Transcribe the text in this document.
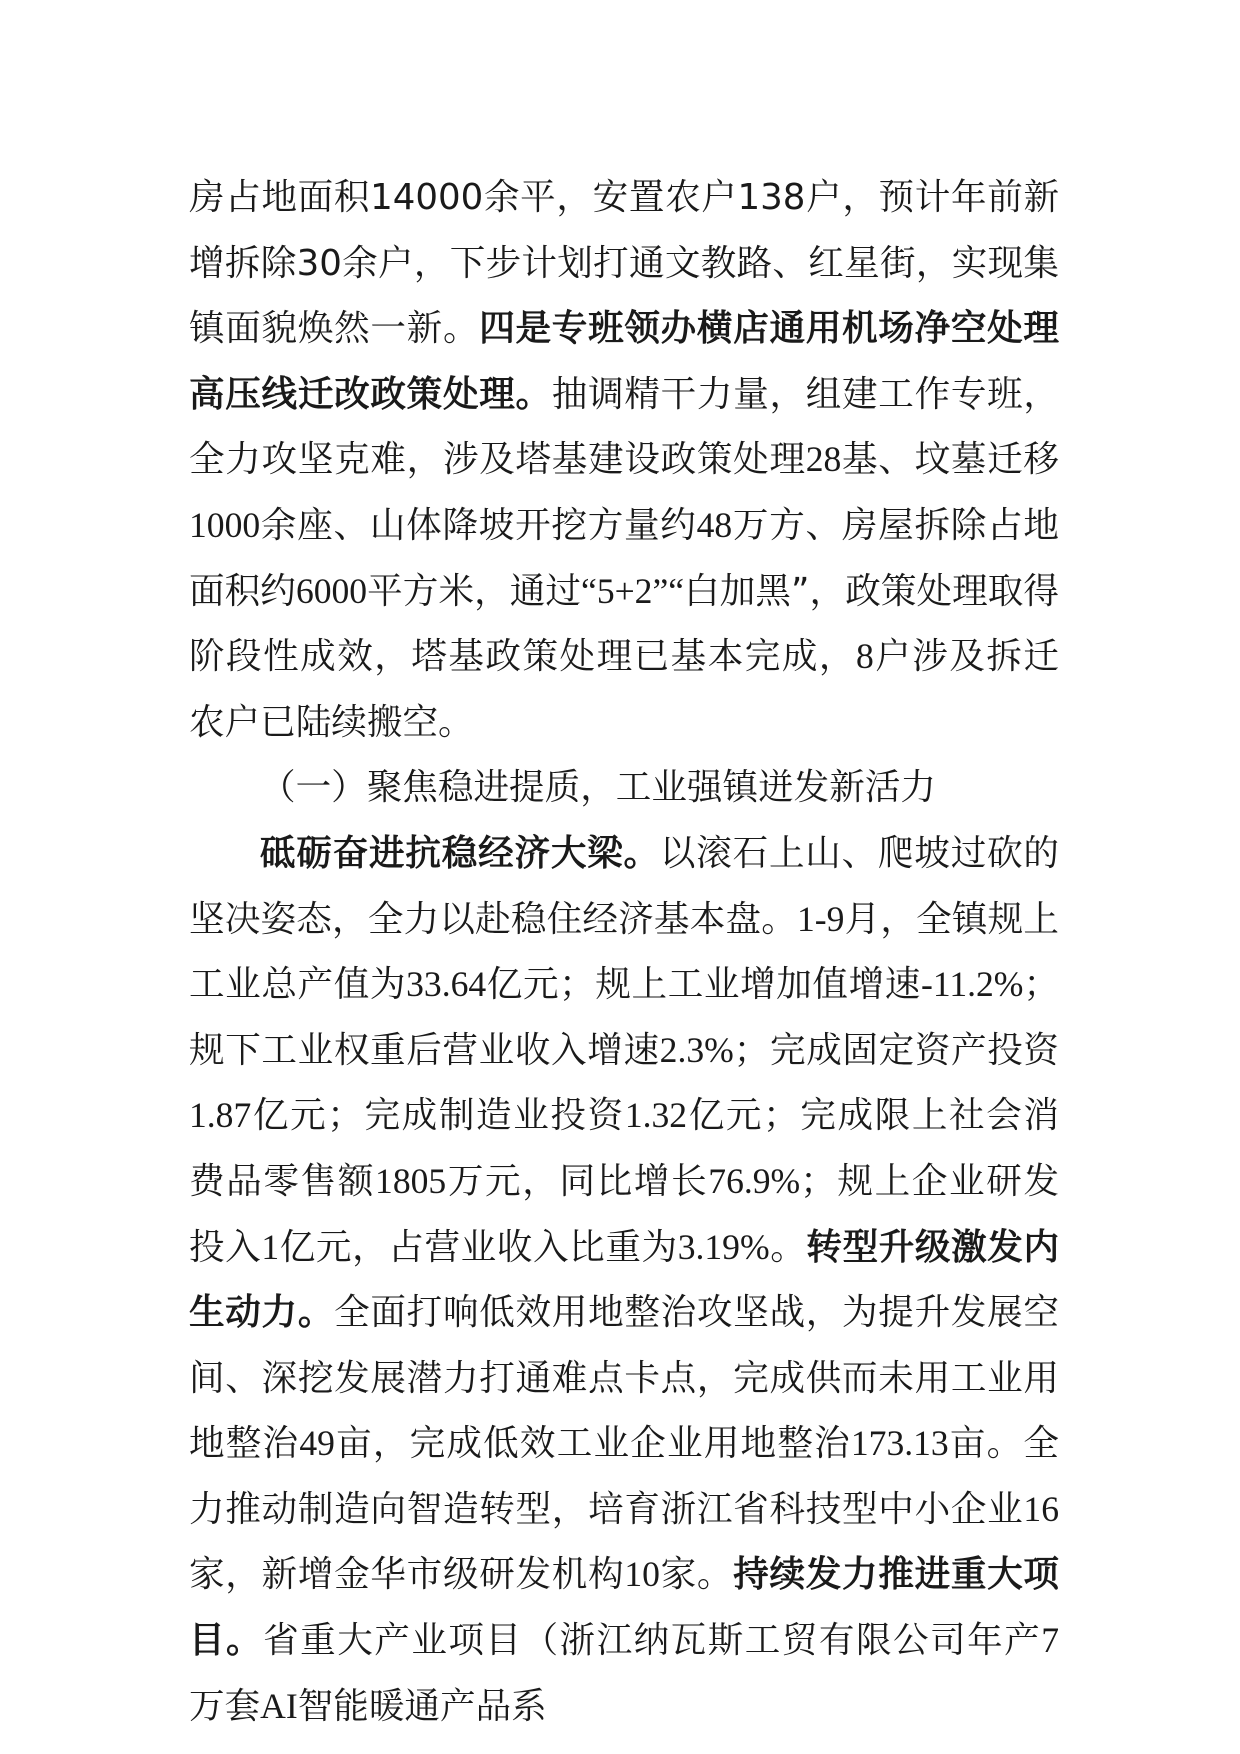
房占地面积14000余平，安置农户138户，预计年前新增拆除30余户，下步计划打通文教路、红星街，实现集镇面貌焕然一新。四是专班领办横店通用机场净空处理高压线迁改政策处理。抽调精干力量，组建工作专班，全力攻坚克难，涉及塔基建设政策处理28基、坟墓迁移1000余座、山体降坡开挖方量约48万方、房屋拆除占地面积约6000平方米，通过“5+2”“白加黑”，政策处理取得阶段性成效，塔基政策处理已基本完成，8户涉及拆迁农户已陆续搬空。

（一）聚焦稳进提质，工业强镇迸发新活力

砥砺奋进抗稳经济大梁。以滚石上山、爬坡过砍的坚决姿态，全力以赴稳住经济基本盘。1-9月，全镇规上工业总产值为33.64亿元；规上工业增加值增速-11.2%；规下工业权重后营业收入增速2.3%；完成固定资产投资1.87亿元；完成制造业投资1.32亿元；完成限上社会消费品零售额1805万元，同比增长76.9%；规上企业研发投入1亿元，占营业收入比重为3.19%。转型升级激发内生动力。全面打响低效用地整治攻坚战，为提升发展空间、深挖发展潜力打通难点卡点，完成供而未用工业用地整治49亩，完成低效工业企业用地整治173.13亩。全力推动制造向智造转型，培育浙江省科技型中小企业16家，新增金华市级研发机构10家。持续发力推进重大项目。省重大产业项目（浙江纳瓦斯工贸有限公司年产7万套AI智能暖通产品系
